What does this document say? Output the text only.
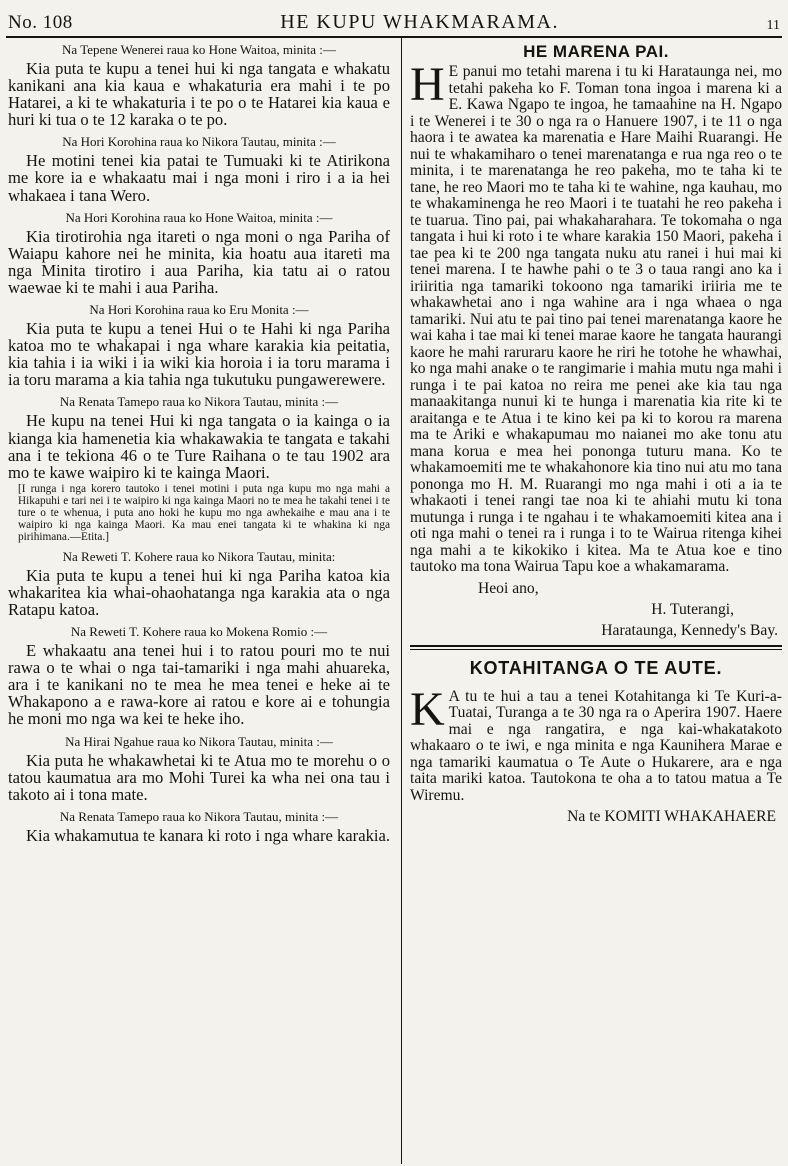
No. 108	HE KUPU WHAKMARAMA.	11

Na Tepene Wenerei raua ko Hone Waitoa, minita :—

Kia puta te kupu a tenei hui ki nga tangata e whakatu kanikani ana kia kaua e whakaturia era mahi i te po Hatarei, a ki te whakaturia i te po o te Hatarei kia kaua e huri ki tua o te 12 karaka o te po.

Na Hori Korohina raua ko Nikora Tautau, minita :—

He motini tenei kia patai te Tumuaki ki te Atirikona me kore ia e whakaatu mai i nga moni i riro i a ia hei whakaea i tana Wero.

Na Hori Korohina raua ko Hone Waitoa, minita :—

Kia tirotirohia nga itareti o nga moni o nga Pariha of Waiapu kahore nei he minita, kia hoatu aua itareti ma nga Minita tirotiro i aua Pariha, kia tatu ai o ratou waewae ki te mahi i aua Pariha.

Na Hori Korohina raua ko Eru Monita :—

Kia puta te kupu a tenei Hui o te Hahi ki nga Pariha katoa mo te whakapai i nga whare karakia kia peitatia, kia tahia i ia wiki i ia wiki kia horoia i ia toru marama i ia toru marama a kia tahia nga tukutuku pungawerewere.

Na Renata Tamepo raua ko Nikora Tautau, minita :—

He kupu na tenei Hui ki nga tangata o ia kainga o ia kianga kia hamenetia kia whakawakia te tangata e takahi ana i te tekiona 46 o te Ture Raihana o te tau 1902 ara mo te kawe waipiro ki te kainga Maori.

[I runga i nga korero tautoko i tenei motini i puta nga kupu mo nga mahi a Hikapuhi e tari nei i te waipiro ki nga kainga Maori no te mea he takahi tenei i te ture o te whenua, i puta ano hoki he kupu mo nga awhekaihe e mau ana i te waipiro ki nga kainga Maori. Ka mau enei tangata ki te whakina ki nga pirihimana.—Etita.]

Na Reweti T. Kohere raua ko Nikora Tautau, minita:

Kia puta te kupu a tenei hui ki nga Pariha katoa kia whakaritea kia whai-ohaohatanga nga karakia ata o nga Ratapu katoa.

Na Reweti T. Kohere raua ko Mokena Romio :—

E whakaatu ana tenei hui i to ratou pouri mo te nui rawa o te whai o nga tai-tamariki i nga mahi ahuareka, ara i te kanikani no te mea he mea tenei e heke ai te Whakapono a e rawa-kore ai ratou e kore ai e tohungia he moni mo nga wa kei te heke iho.

Na Hirai Ngahue raua ko Nikora Tautau, minita :—

Kia puta he whakawhetai ki te Atua mo te morehu o o tatou kaumatua ara mo Mohi Turei ka wha nei ona tau i takoto ai i tona mate.

Na Renata Tamepo raua ko Nikora Tautau, minita :—

Kia whakamutua te kanara ki roto i nga whare karakia.

HE MARENA PAI.

H E panui mo tetahi marena i tu ki Harataunga nei, mo tetahi pakeha ko F. Toman tona ingoa i marena ki a E. Kawa Ngapo te ingoa, he tamaahine na H. Ngapo i te Wenerei i te 30 o nga ra o Hanuere 1907, i te 11 o nga haora i te awatea ka marenatia e Hare Maihi Ruarangi. He nui te whakamiharo o tenei marenatanga e rua nga reo o te minita, i te marenatanga he reo pakeha, mo te taha ki te tane, he reo Maori mo te taha ki te wahine, nga kauhau, mo te whakaminenga he reo Maori i te tuatahi he reo pakeha i te tuarua. Tino pai, pai whakaharahara. Te tokomaha o nga tangata i hui ki roto i te whare karakia 150 Maori, pakeha i tae pea ki te 200 nga tangata nuku atu ranei i hui mai ki tenei marena. I te hawhe pahi o te 3 o taua rangi ano ka i iriiritia nga tamariki tokoono nga tamariki iriiria me te whakawhetai ano i nga wahine ara i nga whaea o nga tamariki. Nui atu te pai tino pai tenei marenatanga kaore he wai kaha i tae mai ki tenei marae kaore he tangata haurangi kaore he mahi raruraru kaore he riri he totohe he whawhai, ko nga mahi anake o te rangimarie i mahia mutu nga mahi i runga i te pai katoa no reira me penei ake kia tau nga manaakitanga nunui ki te hunga i marenatia kia rite ki te araitanga e te Atua i te kino kei pa ki to korou ra marena ma te Ariki e whakapumau mo naianei mo ake tonu atu mana korua e mea hei pononga tuturu mana. Ko te whakamoemiti me te whakahonore kia tino nui atu mo tana pononga mo H. M. Ruarangi mo nga mahi i oti a ia te whakaoti i tenei rangi tae noa ki te ahiahi mutu ki tona mutunga i runga i te ngahau i te whakamoemiti kitea ana i oti nga mahi o tenei ra i runga i to te Wairua ritenga kihei nga mahi a te kikokiko i kitea. Ma te Atua koe e tino tautoko ma tona Wairua Tapu koe a whakamarama.

Heoi ano,

H. Tuterangi,

Harataunga, Kennedy's Bay.

KOTAHITANGA O TE AUTE.

K A tu te hui a tau a tenei Kotahitanga ki Te Kuri-a-Tuatai, Turanga a te 30 nga ra o Aperira 1907. Haere mai e nga rangatira, e nga kai-whakatakoto whakaaro o te iwi, e nga minita e nga Kaunihera Marae e nga tamariki kaumatua o Te Aute o Hukarere, ara e nga taita mariki katoa. Tautokona te oha a to tatou matua a Te Wiremu.

Na te KOMITI WHAKAHAERE
